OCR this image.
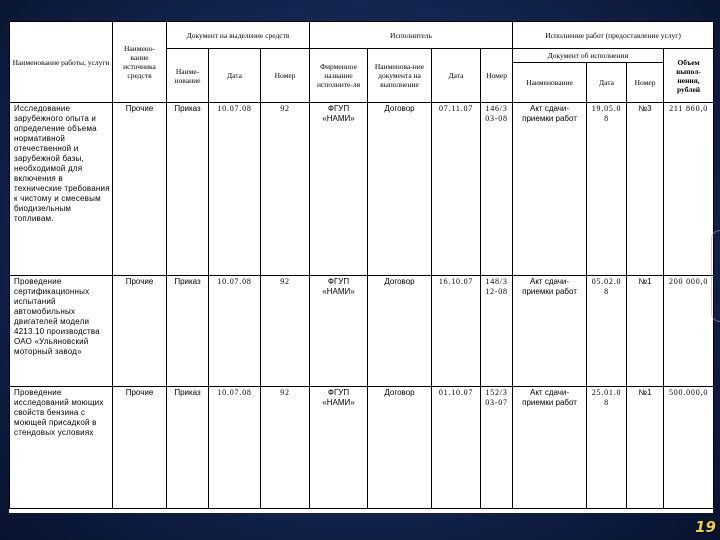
Наименование работы, услуги	Наимено-вание источника средств	Документ на выделение средств			Исполнитель				Исполнение работ (предоставление услуг)			
		Наиме-нование	Дата	Номер	Фирменное название исполните-ля	Наименова-ние документа на выполнение	Дата	Номер	Документ об исполнении			Объем выпол-нения, рублей
									Наименование	Дата	Номер	
Исследование зарубежного опыта и определение объема нормативной отечественной и зарубежной базы, необходимой для включения в технические требования к чистому и смесевым биодизельным топливам.	Прочие	Приказ	10.07.08	92	ФГУП «НАМИ»	Договор	07.11.07	146/3 03-08	Акт сдачи-приемки работ	19.05.0 8	№3	211 860,0
Проведение сертификационных испытаний автомобильных двигателей модели 4213.10 производства ОАО «Ульяновский моторный завод»	Прочие	Приказ	10.07.08	92	ФГУП «НАМИ»	Договор	16.10.07	148/3 12-08	Акт сдачи-приемки работ	05.02.0 8	№1	200 000,0
Проведение исследований моющих свойств бензина с моющей присадкой в стендовых условиях	Прочие	Приказ	10.07.08	92	ФГУП «НАМИ»	Договор	01.10.07	152/3 03-07	Акт сдачи-приемки работ	25.01.0 8	№1	500.000,0
19
